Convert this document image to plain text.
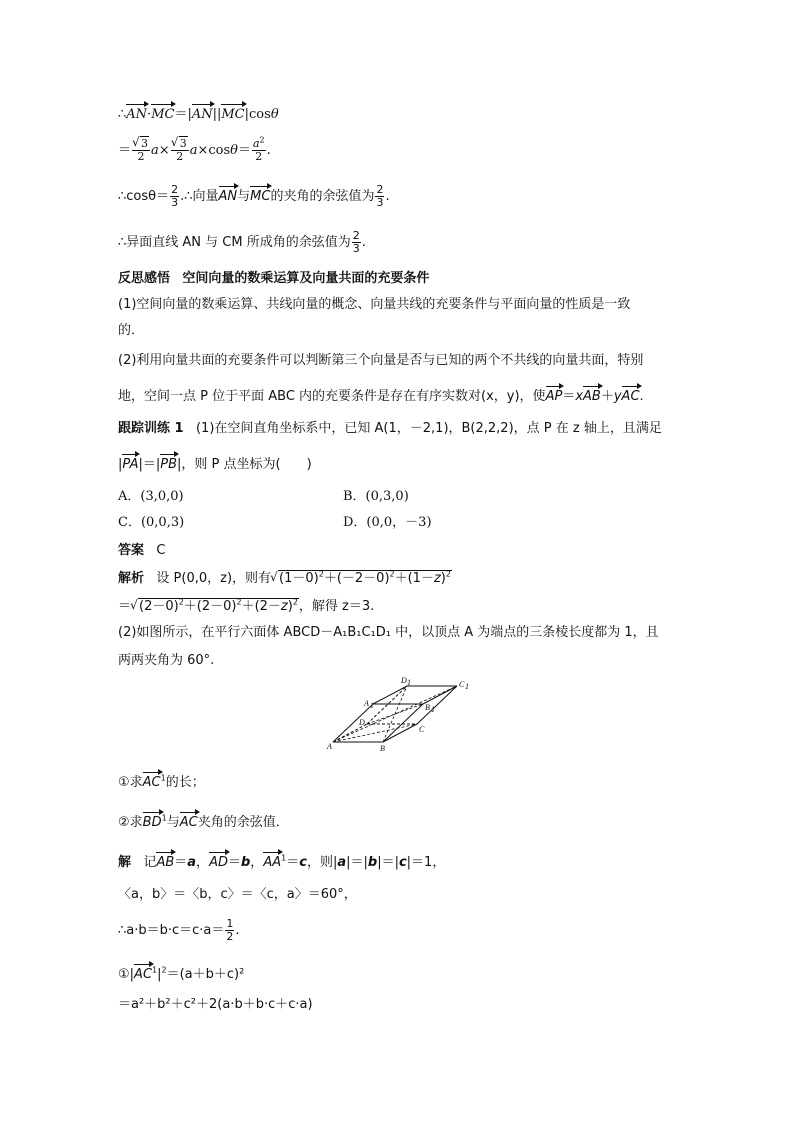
∴AN·MC＝|AN||MC|cosθ
＝ √ $\frac{3}{2} a\times$ √ $\frac{3}{2} a\times\cos\theta= \frac{a^2}{2}$ .
∴cosθ＝ $\frac{2}{3}$ .∴向量AN与MC的夹角的余弦值为 $\frac{2}{3}$ .
∴异面直线 AN 与 CM 所成角的余弦值为 $\frac{2}{3}$ .
反思感悟 空间向量的数乘运算及向量共面的充要条件
(1)空间向量的数乘运算、共线向量的概念、向量共线的充要条件与平面向量的性质是一致
的．
(2)利用向量共面的充要条件可以判断第三个向量是否与已知的两个不共线的向量共面，特别
地，空间一点 P 位于平面 ABC 内的充要条件是存在有序实数对(x，y)，使AP＝xAB＋yAC.
跟踪训练 1 (1)在空间直角坐标系中，已知 A(1，－2,1)，B(2,2,2)，点 P 在 z 轴上，且满足
|PA|＝|PB|，则 P 点坐标为(　　)
A．(3,0,0)	B．(0,3,0)
C．(0,0,3)	D．(0,0，－3)
答案 C
解析 设 P(0,0，z)，则有 √ $(1-0)^2+(-2-0)^2+(1-z)^2$
＝ √ $(2-0)^2+(2-0)^2+(2-z)^2$，解得 z＝3.
(2)如图所示，在平行六面体 ABCD－A₁B₁C₁D₁ 中，以顶点 A 为端点的三条棱长度都为 1，且
两两夹角为 60°.
A	B
C
D
A 1	B 1
C 1
D 1
①求$AC^1$的长；
②求$BD^1$与AC夹角的余弦值．
解 记AB＝a，AD＝b，$AA^1=c$，则|a|＝|b|＝|c|＝1，
〈a，b〉＝〈b，c〉＝〈c，a〉＝60°，
∴a·b＝b·c＝c·a＝ $\frac{1}{2}$ .
$①|AC^1|^2=(a+b+c)^2$
＝a²＋b²＋c²＋2(a·b＋b·c＋c·a)
